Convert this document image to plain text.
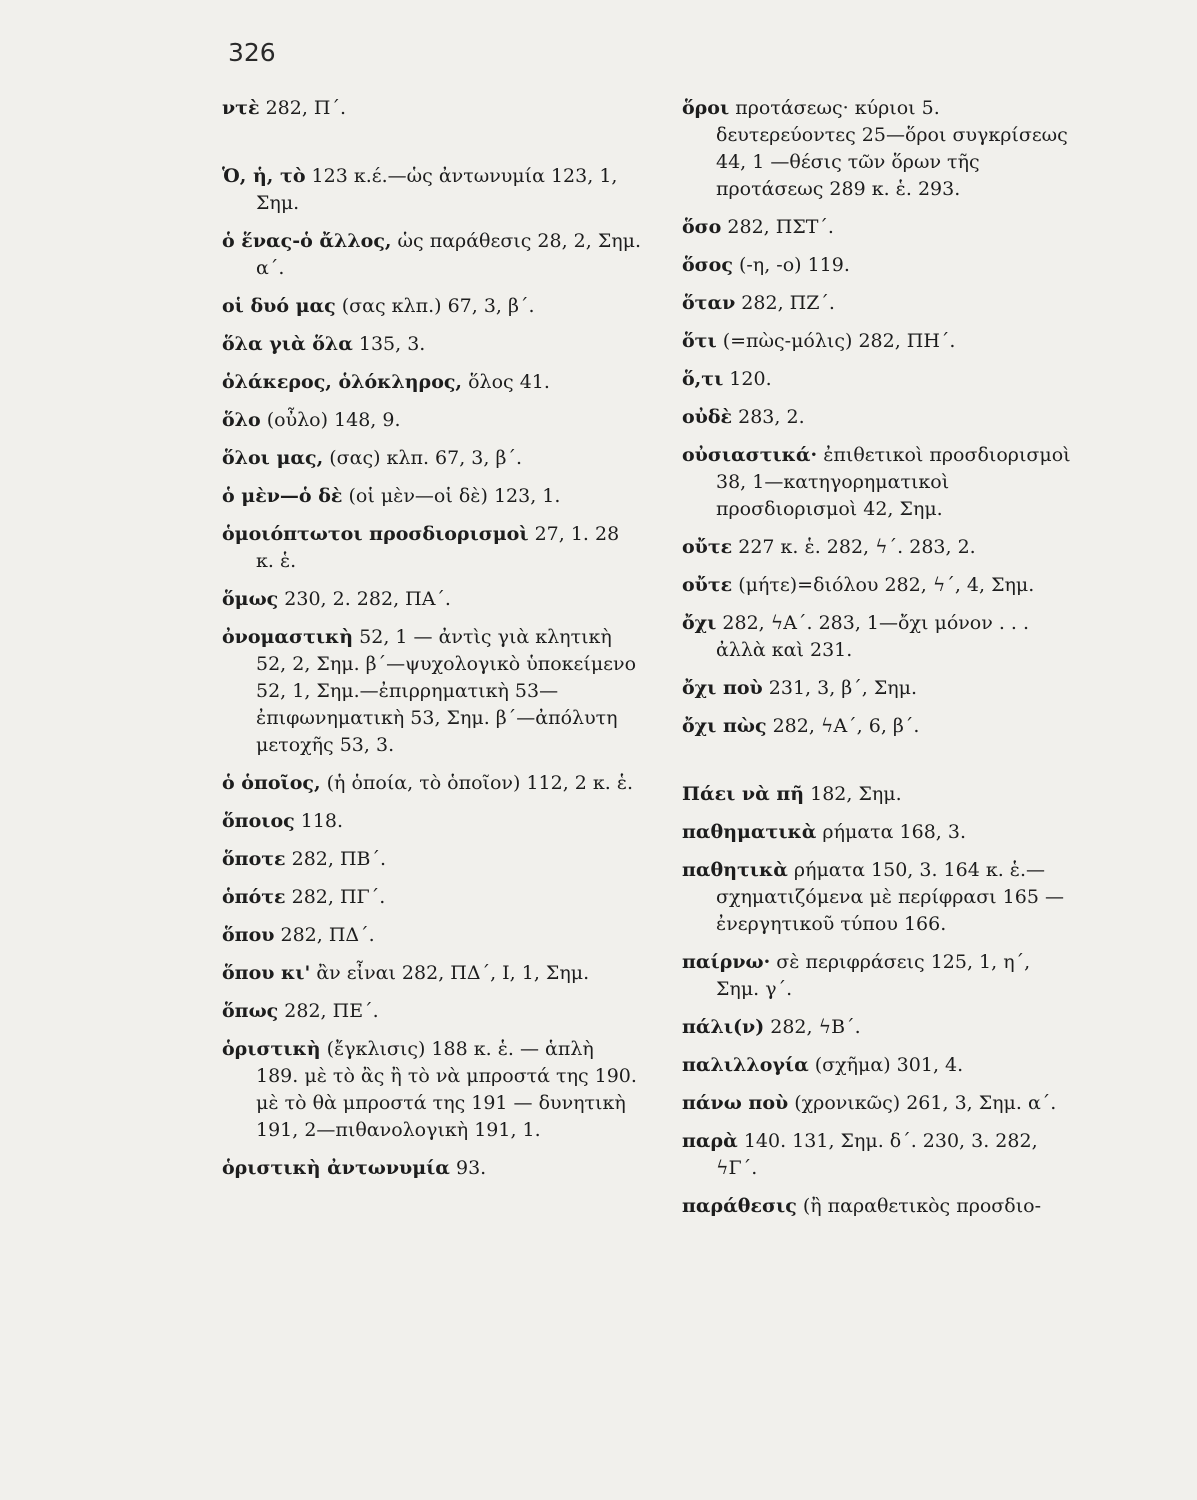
326
ντὲ 282, Π΄.
Ὁ, ἡ, τὸ 123 κ.έ.—ὡς ἀντωνυμία 123, 1, Σημ.
ὁ ἕνας-ὁ ἄλλος, ὡς παράθεσις 28, 2, Σημ. α΄.
οἱ δυό μας (σας κλπ.) 67, 3, β΄.
ὅλα γιὰ ὅλα 135, 3.
ὁλάκερος, ὁλόκληρος, ὅλος 41.
ὅλο (οὖλο) 148, 9.
ὅλοι μας, (σας) κλπ. 67, 3, β΄.
ὁ μὲν—ὁ δὲ (οἱ μὲν—οἱ δὲ) 123, 1.
ὁμοιόπτωτοι προσδιορισμοὶ 27, 1. 28 κ. ἑ.
ὅμως 230, 2. 282, ΠΑ΄.
ὀνομαστικὴ 52, 1 — ἀντὶς γιὰ κλητικὴ 52, 2, Σημ. β΄—ψυχολογικὸ ὑποκείμενο 52, 1, Σημ.—ἐπιρρηματικὴ 53—ἐπιφωνηματικὴ 53, Σημ. β΄—ἀπόλυτη μετοχῆς 53, 3.
ὁ ὁποῖος, (ἡ ὁποία, τὸ ὁποῖον) 112, 2 κ. ἑ.
ὅποιος 118.
ὅποτε 282, ΠΒ΄.
ὁπότε 282, ΠΓ΄.
ὅπου 282, ΠΔ΄.
ὅπου κι' ἂν εἶναι 282, ΠΔ΄, Ι, 1, Σημ.
ὅπως 282, ΠΕ΄.
ὁριστικὴ (ἔγκλισις) 188 κ. ἑ. — ἁπλὴ 189. μὲ τὸ ἂς ἢ τὸ νὰ μπροστά της 190. μὲ τὸ θὰ μπροστά της 191 — δυνητικὴ 191, 2—πιθανολογικὴ 191, 1.
ὁριστικὴ ἀντωνυμία 93.
ὅροι προτάσεως· κύριοι 5. δευτερεύοντες 25—ὅροι συγκρίσεως 44, 1 —θέσις τῶν ὅρων τῆς προτάσεως 289 κ. ἑ. 293.
ὅσο 282, ΠΣΤ΄.
ὅσος (-η, -ο) 119.
ὅταν 282, ΠΖ΄.
ὅτι (=πὼς-μόλις) 282, ΠΗ΄.
ὅ,τι 120.
οὐδὲ 283, 2.
οὐσιαστικά· ἐπιθετικοὶ προσδιορισμοὶ 38, 1—κατηγορηματικοὶ προσδιορισμοὶ 42, Σημ.
οὔτε 227 κ. ἑ. 282, ϟ΄. 283, 2.
οὔτε (μήτε)=διόλου 282, ϟ΄, 4, Σημ.
ὄχι 282, ϟΑ΄. 283, 1—ὄχι μόνον . . . ἀλλὰ καὶ 231.
ὄχι ποὺ 231, 3, β΄, Σημ.
ὄχι πὼς 282, ϟΑ΄, 6, β΄.
Πάει νὰ πῆ 182, Σημ.
παθηματικὰ ρήματα 168, 3.
παθητικὰ ρήματα 150, 3. 164 κ. ἑ.—σχηματιζόμενα μὲ περίφρασι 165 —ἐνεργητικοῦ τύπου 166.
παίρνω· σὲ περιφράσεις 125, 1, η΄, Σημ. γ΄.
πάλι(ν) 282, ϟΒ΄.
παλιλλογία (σχῆμα) 301, 4.
πάνω ποὺ (χρονικῶς) 261, 3, Σημ. α΄.
παρὰ 140. 131, Σημ. δ΄. 230, 3. 282, ϟΓ΄.
παράθεσις (ἢ παραθετικὸς προσδιο-
